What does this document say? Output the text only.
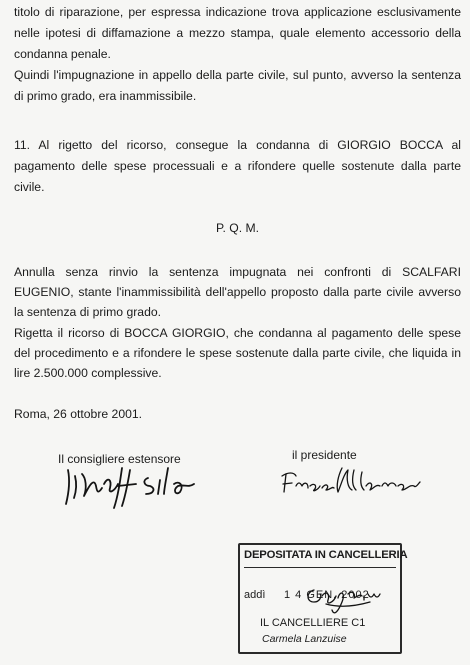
titolo di riparazione, per espressa indicazione trova applicazione esclusivamente
nelle ipotesi di diffamazione a mezzo stampa, quale elemento accessorio della
condanna penale.
Quindi l'impugnazione in appello della parte civile, sul punto, avverso la sentenza
di primo grado, era inammissibile.
11. Al rigetto del ricorso, consegue la condanna di GIORGIO BOCCA al
pagamento delle spese processuali e a rifondere quelle sostenute dalla parte
civile.
P. Q. M.
Annulla senza rinvio la sentenza impugnata nei confronti di SCALFARI
EUGENIO, stante l'inammissibilità dell'appello proposto dalla parte civile avverso
la sentenza di primo grado.
Rigetta il ricorso di BOCCA GIORGIO, che condanna al pagamento delle spese
del procedimento e a rifondere le spese sostenute dalla parte civile, che liquida in
lire 2.500.000 complessive.
Roma, 26 ottobre 2001.
Il consigliere estensore	il presidente
DEPOSITATA IN CANCELLERIA
addì 1 4 GEN. 2002
IL CANCELLIERE C1
Carmela Lanzuise
